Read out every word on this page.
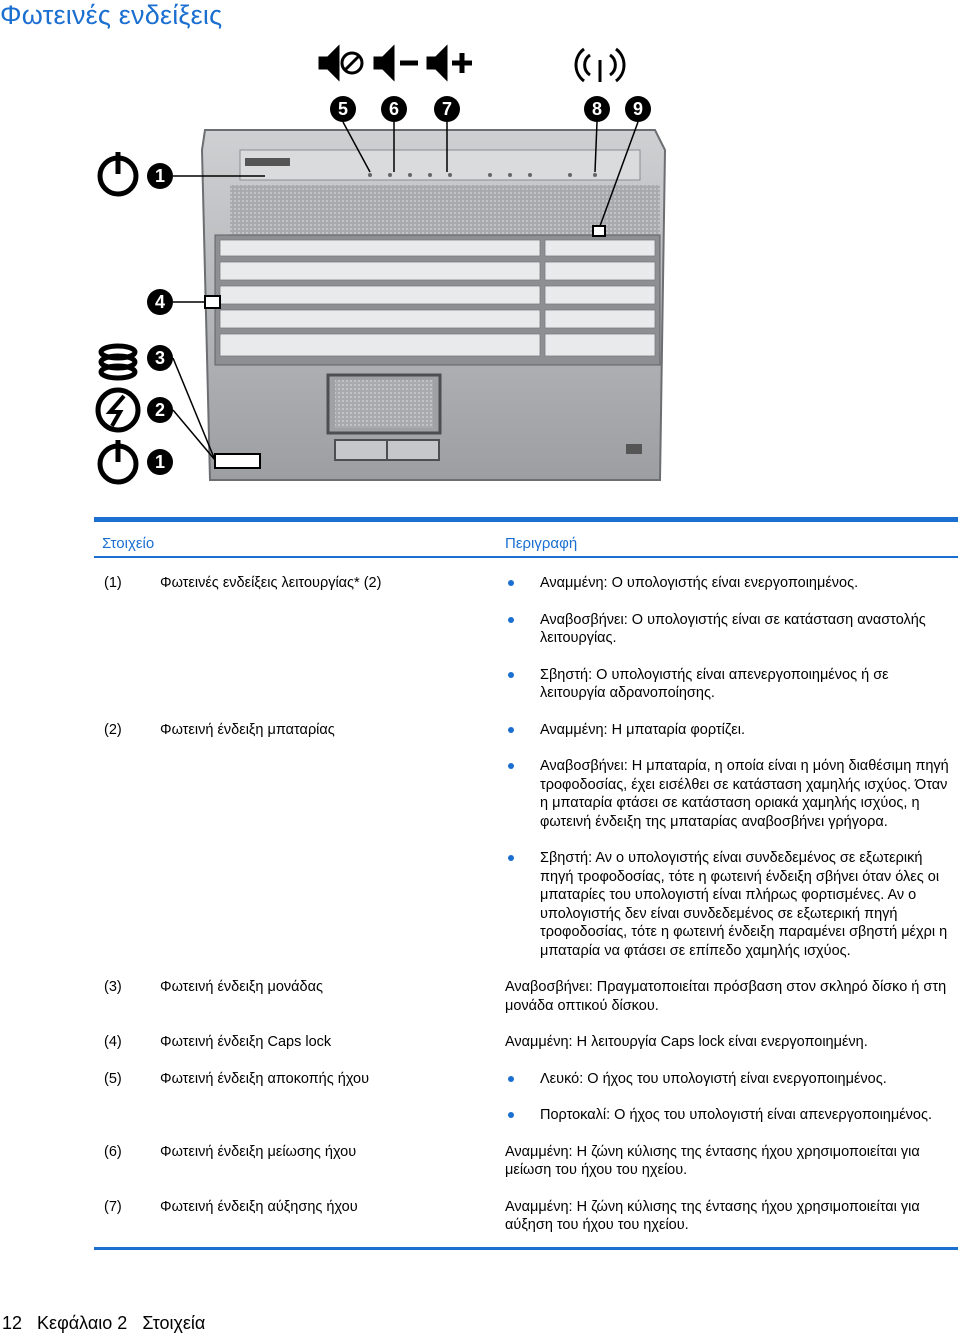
Φωτεινές ενδείξεις
5 6 7	8 9
1
4
3
2
1
Στοιχείο	Περιγραφή
(1)	Φωτεινές ενδείξεις λειτουργίας* (2)	Αναμμένη: Ο υπολογιστής είναι ενεργοποιημένος.
Αναβοσβήνει: Ο υπολογιστής είναι σε κατάσταση αναστολής λειτουργίας.
Σβηστή: Ο υπολογιστής είναι απενεργοποιημένος ή σε λειτουργία αδρανοποίησης.
(2)	Φωτεινή ένδειξη μπαταρίας	Αναμμένη: Η μπαταρία φορτίζει.
Αναβοσβήνει: Η μπαταρία, η οποία είναι η μόνη διαθέσιμη πηγή τροφοδοσίας, έχει εισέλθει σε κατάσταση χαμηλής ισχύος. Όταν η μπαταρία φτάσει σε κατάσταση οριακά χαμηλής ισχύος, η φωτεινή ένδειξη της μπαταρίας αναβοσβήνει γρήγορα.
Σβηστή: Αν ο υπολογιστής είναι συνδεδεμένος σε εξωτερική πηγή τροφοδοσίας, τότε η φωτεινή ένδειξη σβήνει όταν όλες οι μπαταρίες του υπολογιστή είναι πλήρως φορτισμένες. Αν ο υπολογιστής δεν είναι συνδεδεμένος σε εξωτερική πηγή τροφοδοσίας, τότε η φωτεινή ένδειξη παραμένει σβηστή μέχρι η μπαταρία να φτάσει σε επίπεδο χαμηλής ισχύος.
(3)	Φωτεινή ένδειξη μονάδας	Αναβοσβήνει: Πραγματοποιείται πρόσβαση στον σκληρό δίσκο ή στη μονάδα οπτικού δίσκου.
(4)	Φωτεινή ένδειξη Caps lock	Αναμμένη: Η λειτουργία Caps lock είναι ενεργοποιημένη.
(5)	Φωτεινή ένδειξη αποκοπής ήχου	Λευκό: Ο ήχος του υπολογιστή είναι ενεργοποιημένος.
Πορτοκαλί: Ο ήχος του υπολογιστή είναι απενεργοποιημένος.
(6)	Φωτεινή ένδειξη μείωσης ήχου	Αναμμένη: Η ζώνη κύλισης της έντασης ήχου χρησιμοποιείται για μείωση του ήχου του ηχείου.
(7)	Φωτεινή ένδειξη αύξησης ήχου	Αναμμένη: Η ζώνη κύλισης της έντασης ήχου χρησιμοποιείται για αύξηση του ήχου του ηχείου.
12 Κεφάλαιο 2 Στοιχεία
